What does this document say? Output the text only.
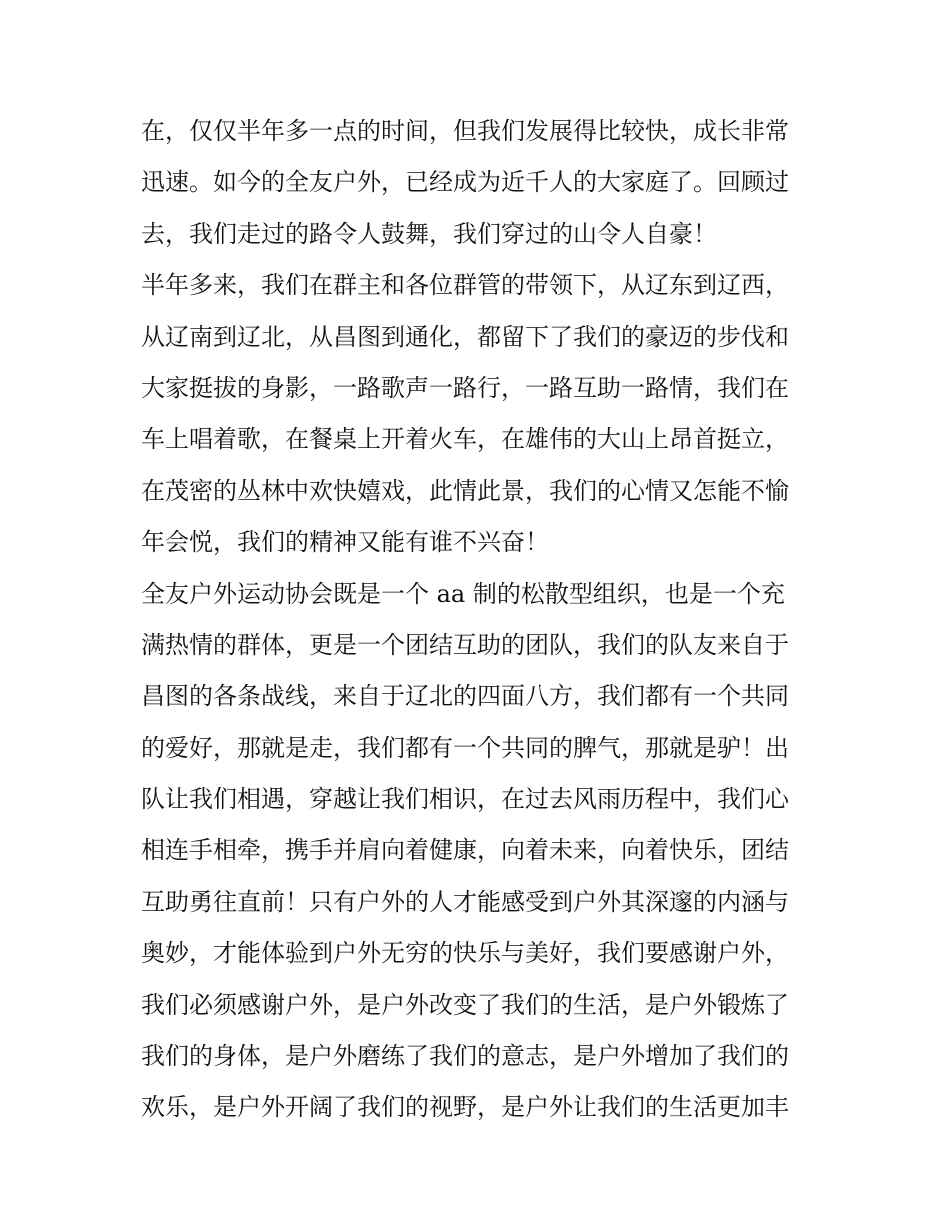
在，仅仅半年多一点的时间，但我们发展得比较快，成长非常
迅速。如今的全友户外，已经成为近千人的大家庭了。回顾过
去，我们走过的路令人鼓舞，我们穿过的山令人自豪！
半年多来，我们在群主和各位群管的带领下，从辽东到辽西，
从辽南到辽北，从昌图到通化，都留下了我们的豪迈的步伐和
大家挺拔的身影，一路歌声一路行，一路互助一路情，我们在
车上唱着歌，在餐桌上开着火车，在雄伟的大山上昂首挺立，
在茂密的丛林中欢快嬉戏，此情此景，我们的心情又怎能不愉
年会悦，我们的精神又能有谁不兴奋！
全友户外运动协会既是一个 aa 制的松散型组织，也是一个充
满热情的群体，更是一个团结互助的团队，我们的队友来自于
昌图的各条战线，来自于辽北的四面八方，我们都有一个共同
的爱好，那就是走，我们都有一个共同的脾气，那就是驴！出
队让我们相遇，穿越让我们相识，在过去风雨历程中，我们心
相连手相牵，携手并肩向着健康，向着未来，向着快乐，团结
互助勇往直前！只有户外的人才能感受到户外其深邃的内涵与
奥妙，才能体验到户外无穷的快乐与美好，我们要感谢户外，
我们必须感谢户外，是户外改变了我们的生活，是户外锻炼了
我们的身体，是户外磨练了我们的意志，是户外增加了我们的
欢乐，是户外开阔了我们的视野，是户外让我们的生活更加丰
